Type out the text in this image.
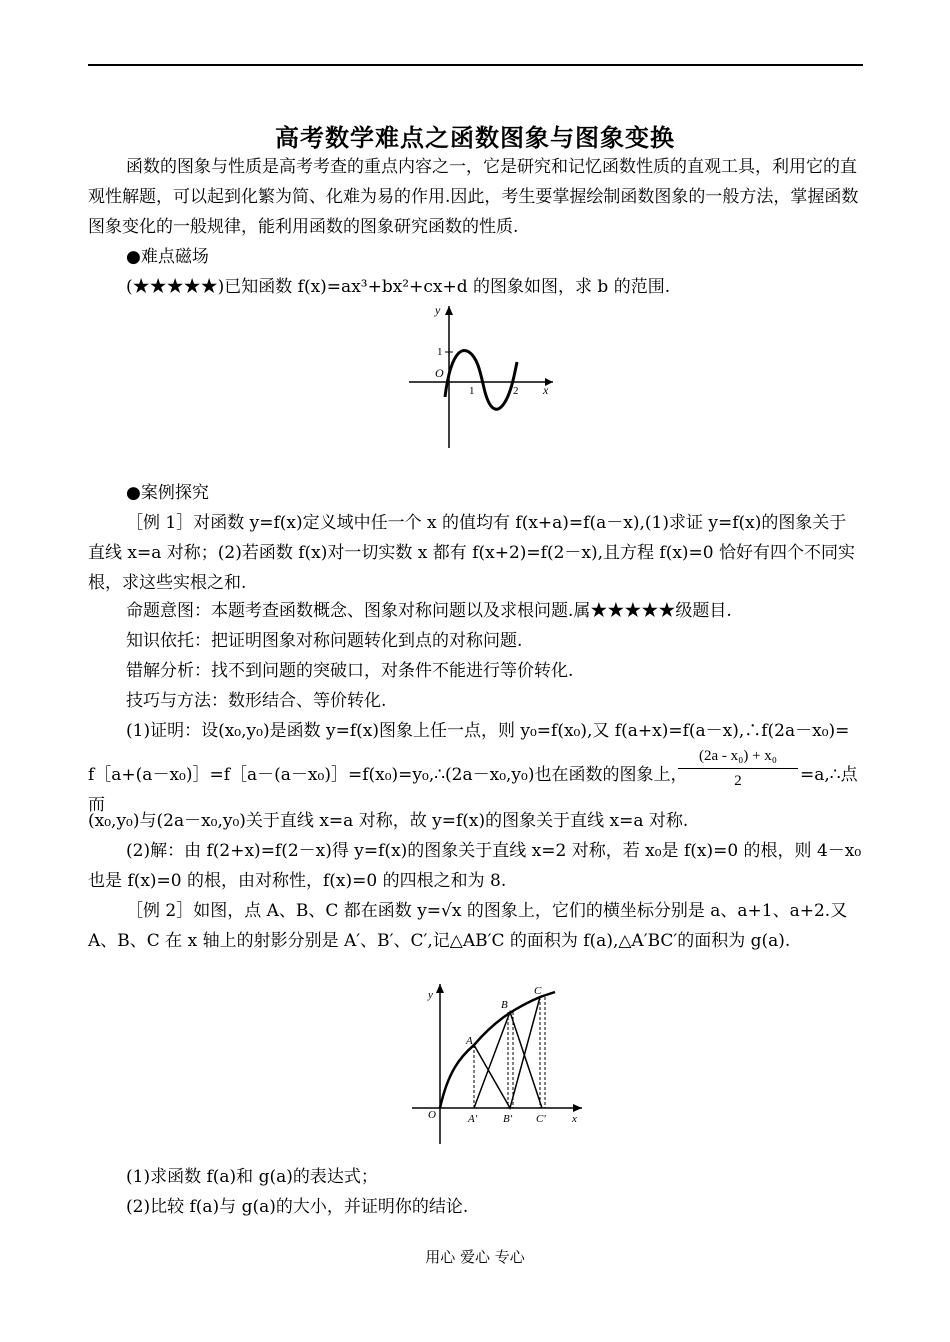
高考数学难点之函数图象与图象变换
函数的图象与性质是高考考查的重点内容之一，它是研究和记忆函数性质的直观工具，利用它的直观性解题，可以起到化繁为简、化难为易的作用.因此，考生要掌握绘制函数图象的一般方法，掌握函数图象变化的一般规律，能利用函数的图象研究函数的性质.
●难点磁场
(★★★★★)已知函数 f(x)=ax³+bx²+cx+d 的图象如图，求 b 的范围.
y
1
O
1	2 x
●案例探究
［例 1］对函数 y=f(x)定义域中任一个 x 的值均有 f(x+a)=f(a－x),(1)求证 y=f(x)的图象关于直线 x=a 对称；(2)若函数 f(x)对一切实数 x 都有 f(x+2)=f(2－x),且方程 f(x)=0 恰好有四个不同实根，求这些实根之和.
命题意图：本题考查函数概念、图象对称问题以及求根问题.属★★★★★级题目.
知识依托：把证明图象对称问题转化到点的对称问题.
错解分析：找不到问题的突破口，对条件不能进行等价转化.
技巧与方法：数形结合、等价转化.
(1)证明：设(x₀,y₀)是函数 y=f(x)图象上任一点，则 y₀=f(x₀),又 f(a+x)=f(a－x),∴f(2a－x₀)=
f［a+(a－x₀)］=f［a－(a－x₀)］=f(x₀)=y₀,∴(2a－x₀,y₀)也在函数的图象上，而
$\frac{\text{(2a - x₀) + x₀}}{2}$ =a,∴点
(x₀,y₀)与(2a－x₀,y₀)关于直线 x=a 对称，故 y=f(x)的图象关于直线 x=a 对称.
(2)解：由 f(2+x)=f(2－x)得 y=f(x)的图象关于直线 x=2 对称，若 x₀是 f(x)=0 的根，则 4－x₀也是 f(x)=0 的根，由对称性，f(x)=0 的四根之和为 8.
［例 2］如图，点 A、B、C 都在函数 y=√x 的图象上，它们的横坐标分别是 a、a+1、a+2.又 A、B、C 在 x 轴上的射影分别是 A′、B′、C′,记△AB′C 的面积为 f(a),△A′BC′的面积为 g(a).
y
O
A
B
C
A′ B′ C′ x
(1)求函数 f(a)和 g(a)的表达式；
(2)比较 f(a)与 g(a)的大小，并证明你的结论.
用心 爱心 专心
